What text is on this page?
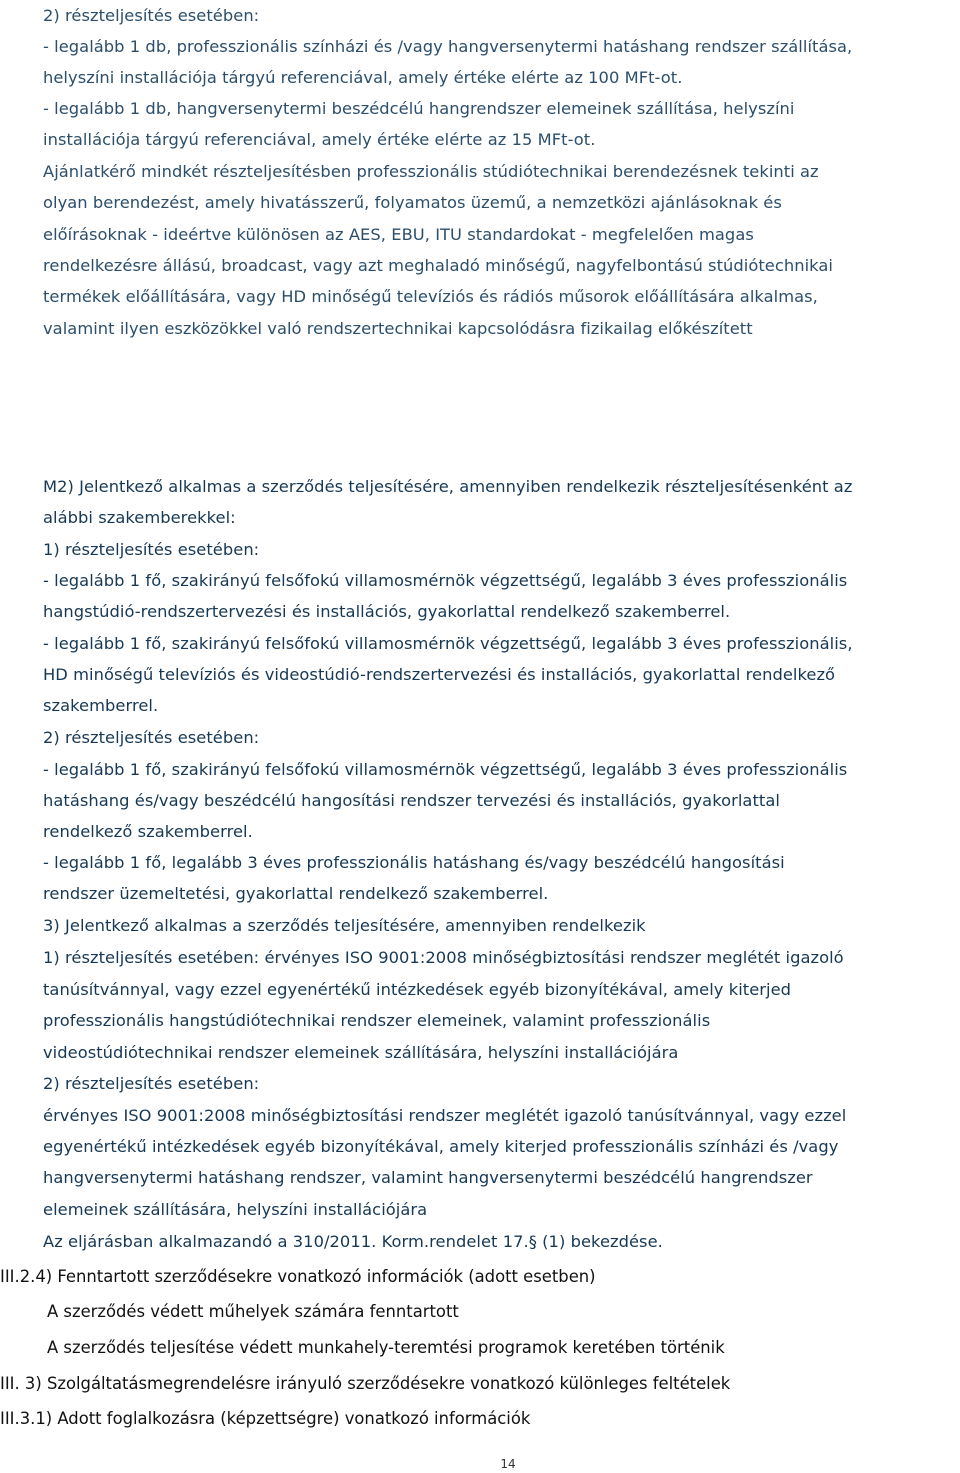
2) részteljesítés esetében:
- legalább 1 db, professzionális színházi és /vagy hangversenytermi hatáshang rendszer szállítása,
helyszíni installációja tárgyú referenciával, amely értéke elérte az 100 MFt-ot.
- legalább 1 db, hangversenytermi beszédcélú hangrendszer elemeinek szállítása, helyszíni
installációja tárgyú referenciával, amely értéke elérte az 15 MFt-ot.
Ajánlatkérő mindkét részteljesítésben professzionális stúdiótechnikai berendezésnek tekinti az
olyan berendezést, amely hivatásszerű, folyamatos üzemű, a nemzetközi ajánlásoknak és
előírásoknak - ideértve különösen az AES, EBU, ITU standardokat - megfelelően magas
rendelkezésre állású, broadcast, vagy azt meghaladó minőségű, nagyfelbontású stúdiótechnikai
termékek előállítására, vagy HD minőségű televíziós és rádiós műsorok előállítására alkalmas,
valamint ilyen eszközökkel való rendszertechnikai kapcsolódásra fizikailag előkészített
M2) Jelentkező alkalmas a szerződés teljesítésére, amennyiben rendelkezik részteljesítésenként az
alábbi szakemberekkel:
1) részteljesítés esetében:
- legalább 1 fő, szakirányú felsőfokú villamosmérnök végzettségű, legalább 3 éves professzionális
hangstúdió-rendszertervezési és installációs, gyakorlattal rendelkező szakemberrel.
- legalább 1 fő, szakirányú felsőfokú villamosmérnök végzettségű, legalább 3 éves professzionális,
HD minőségű televíziós és videostúdió-rendszertervezési és installációs, gyakorlattal rendelkező
szakemberrel.
2) részteljesítés esetében:
- legalább 1 fő, szakirányú felsőfokú villamosmérnök végzettségű, legalább 3 éves professzionális
hatáshang és/vagy beszédcélú hangosítási rendszer tervezési és installációs, gyakorlattal
rendelkező szakemberrel.
- legalább 1 fő, legalább 3 éves professzionális hatáshang és/vagy beszédcélú hangosítási
rendszer üzemeltetési, gyakorlattal rendelkező szakemberrel.
3) Jelentkező alkalmas a szerződés teljesítésére, amennyiben rendelkezik
1) részteljesítés esetében: érvényes ISO 9001:2008 minőségbiztosítási rendszer meglétét igazoló
tanúsítvánnyal, vagy ezzel egyenértékű intézkedések egyéb bizonyítékával, amely kiterjed
professzionális hangstúdiótechnikai rendszer elemeinek, valamint professzionális
videostúdiótechnikai rendszer elemeinek szállítására, helyszíni installációjára
2) részteljesítés esetében:
érvényes ISO 9001:2008 minőségbiztosítási rendszer meglétét igazoló tanúsítvánnyal, vagy ezzel
egyenértékű intézkedések egyéb bizonyítékával, amely kiterjed professzionális színházi és /vagy
hangversenytermi hatáshang rendszer, valamint hangversenytermi beszédcélú hangrendszer
elemeinek szállítására, helyszíni installációjára
Az eljárásban alkalmazandó a 310/2011. Korm.rendelet 17.§ (1) bekezdése.
III.2.4) Fenntartott szerződésekre vonatkozó információk (adott esetben)
A szerződés védett műhelyek számára fenntartott
A szerződés teljesítése védett munkahely-teremtési programok keretében történik
III. 3) Szolgáltatásmegrendelésre irányuló szerződésekre vonatkozó különleges feltételek
III.3.1) Adott foglalkozásra (képzettségre) vonatkozó információk
14
